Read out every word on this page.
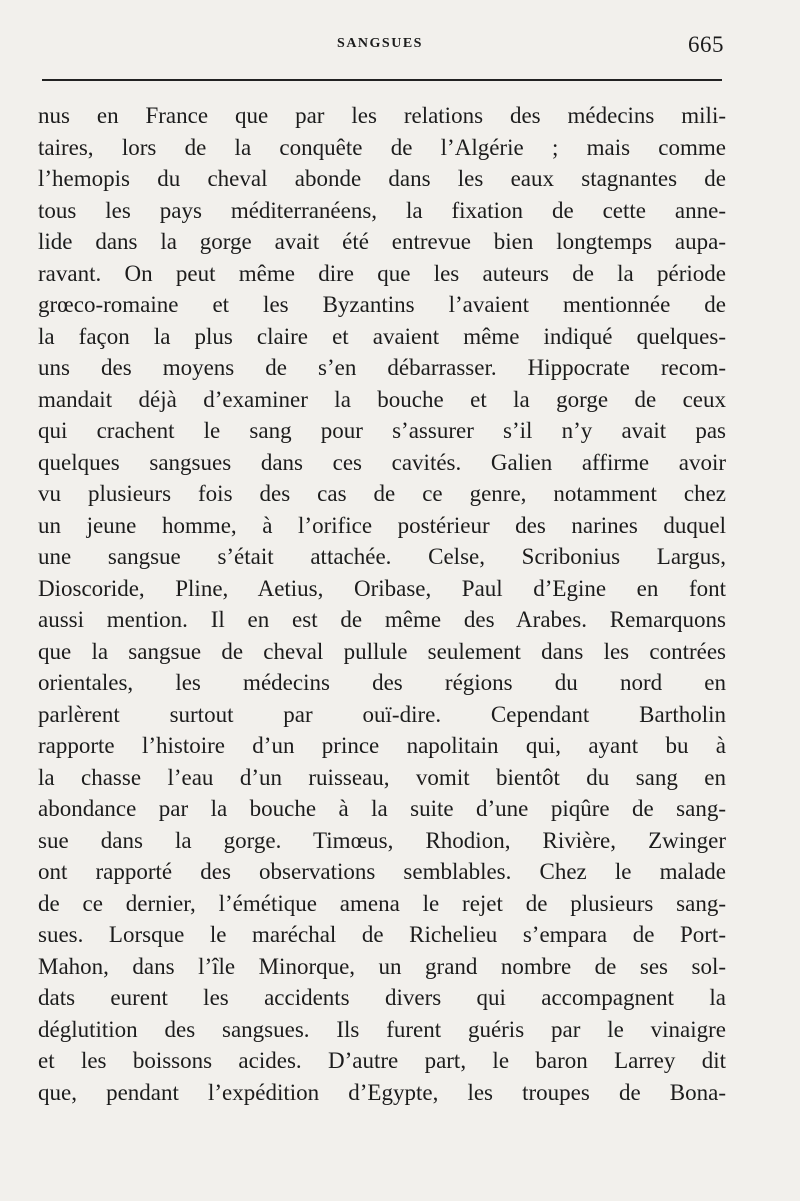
SANGSUES	665
nus en France que par les relations des médecins mili-
taires, lors de la conquête de l’Algérie ; mais comme
l’hemopis du cheval abonde dans les eaux stagnantes de
tous les pays méditerranéens, la fixation de cette anne-
lide dans la gorge avait été entrevue bien longtemps aupa-
ravant. On peut même dire que les auteurs de la période
grœco-romaine et les Byzantins l’avaient mentionnée de
la façon la plus claire et avaient même indiqué quelques-
uns des moyens de s’en débarrasser. Hippocrate recom-
mandait déjà d’examiner la bouche et la gorge de ceux
qui crachent le sang pour s’assurer s’il n’y avait pas
quelques sangsues dans ces cavités. Galien affirme avoir
vu plusieurs fois des cas de ce genre, notamment chez
un jeune homme, à l’orifice postérieur des narines duquel
une sangsue s’était attachée. Celse, Scribonius Largus,
Dioscoride, Pline, Aetius, Oribase, Paul d’Egine en font
aussi mention. Il en est de même des Arabes. Remarquons
que la sangsue de cheval pullule seulement dans les contrées
orientales, les médecins des régions du nord en
parlèrent surtout par ouï-dire. Cependant Bartholin
rapporte l’histoire d’un prince napolitain qui, ayant bu à
la chasse l’eau d’un ruisseau, vomit bientôt du sang en
abondance par la bouche à la suite d’une piqûre de sang-
sue dans la gorge. Timœus, Rhodion, Rivière, Zwinger
ont rapporté des observations semblables. Chez le malade
de ce dernier, l’émétique amena le rejet de plusieurs sang-
sues. Lorsque le maréchal de Richelieu s’empara de Port-
Mahon, dans l’île Minorque, un grand nombre de ses sol-
dats eurent les accidents divers qui accompagnent la
déglutition des sangsues. Ils furent guéris par le vinaigre
et les boissons acides. D’autre part, le baron Larrey dit
que, pendant l’expédition d’Egypte, les troupes de Bona-
